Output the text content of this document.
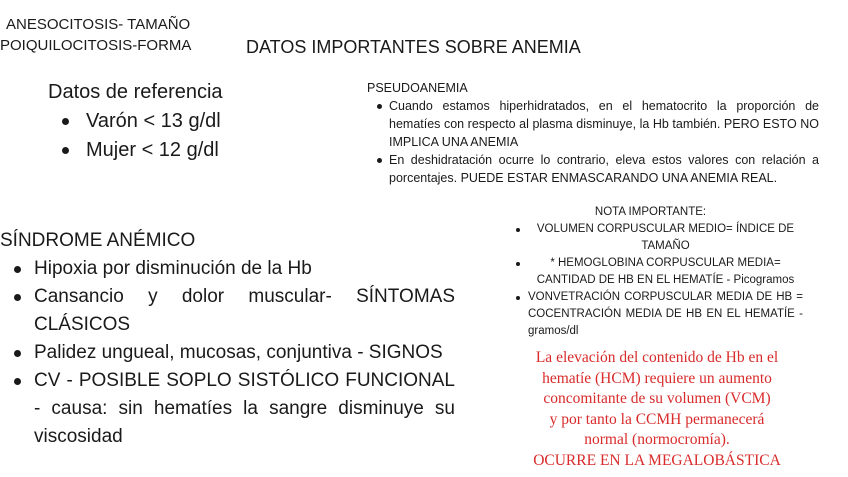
ANESOCITOSIS- TAMAÑO
POIQUILOCITOSIS-FORMA	DATOS IMPORTANTES SOBRE ANEMIA
Datos de referencia
Varón < 13 g/dl
Mujer < 12 g/dl
PSEUDOANEMIA
Cuando estamos hiperhidratados, en el hematocrito la proporción de hematíes con respecto al plasma disminuye, la Hb también. PERO ESTO NO IMPLICA UNA ANEMIA
En deshidratación ocurre lo contrario, eleva estos valores con relación a porcentajes. PUEDE ESTAR ENMASCARANDO UNA ANEMIA REAL.
SÍNDROME ANÉMICO
Hipoxia por disminución de la Hb
Cansancio y dolor muscular- SÍNTOMAS CLÁSICOS
Palidez ungueal, mucosas, conjuntiva - SIGNOS
CV - POSIBLE SOPLO SISTÓLICO FUNCIONAL - causa: sin hematíes la sangre disminuye su viscosidad
NOTA IMPORTANTE:
VOLUMEN CORPUSCULAR MEDIO= ÍNDICE DE TAMAÑO
* HEMOGLOBINA CORPUSCULAR MEDIA= CANTIDAD DE HB EN EL HEMATÍE - Picogramos
VONVETRACIÓN CORPUSCULAR MEDIA DE HB = COCENTRACIÓN MEDIA DE HB EN EL HEMATÍE - gramos/dl
La elevación del contenido de Hb en el
hematíe (HCM) requiere un aumento
concomitante de su volumen (VCM)
y por tanto la CCMH permanecerá
normal (normocromía).
OCURRE EN LA MEGALOBÁSTICA
